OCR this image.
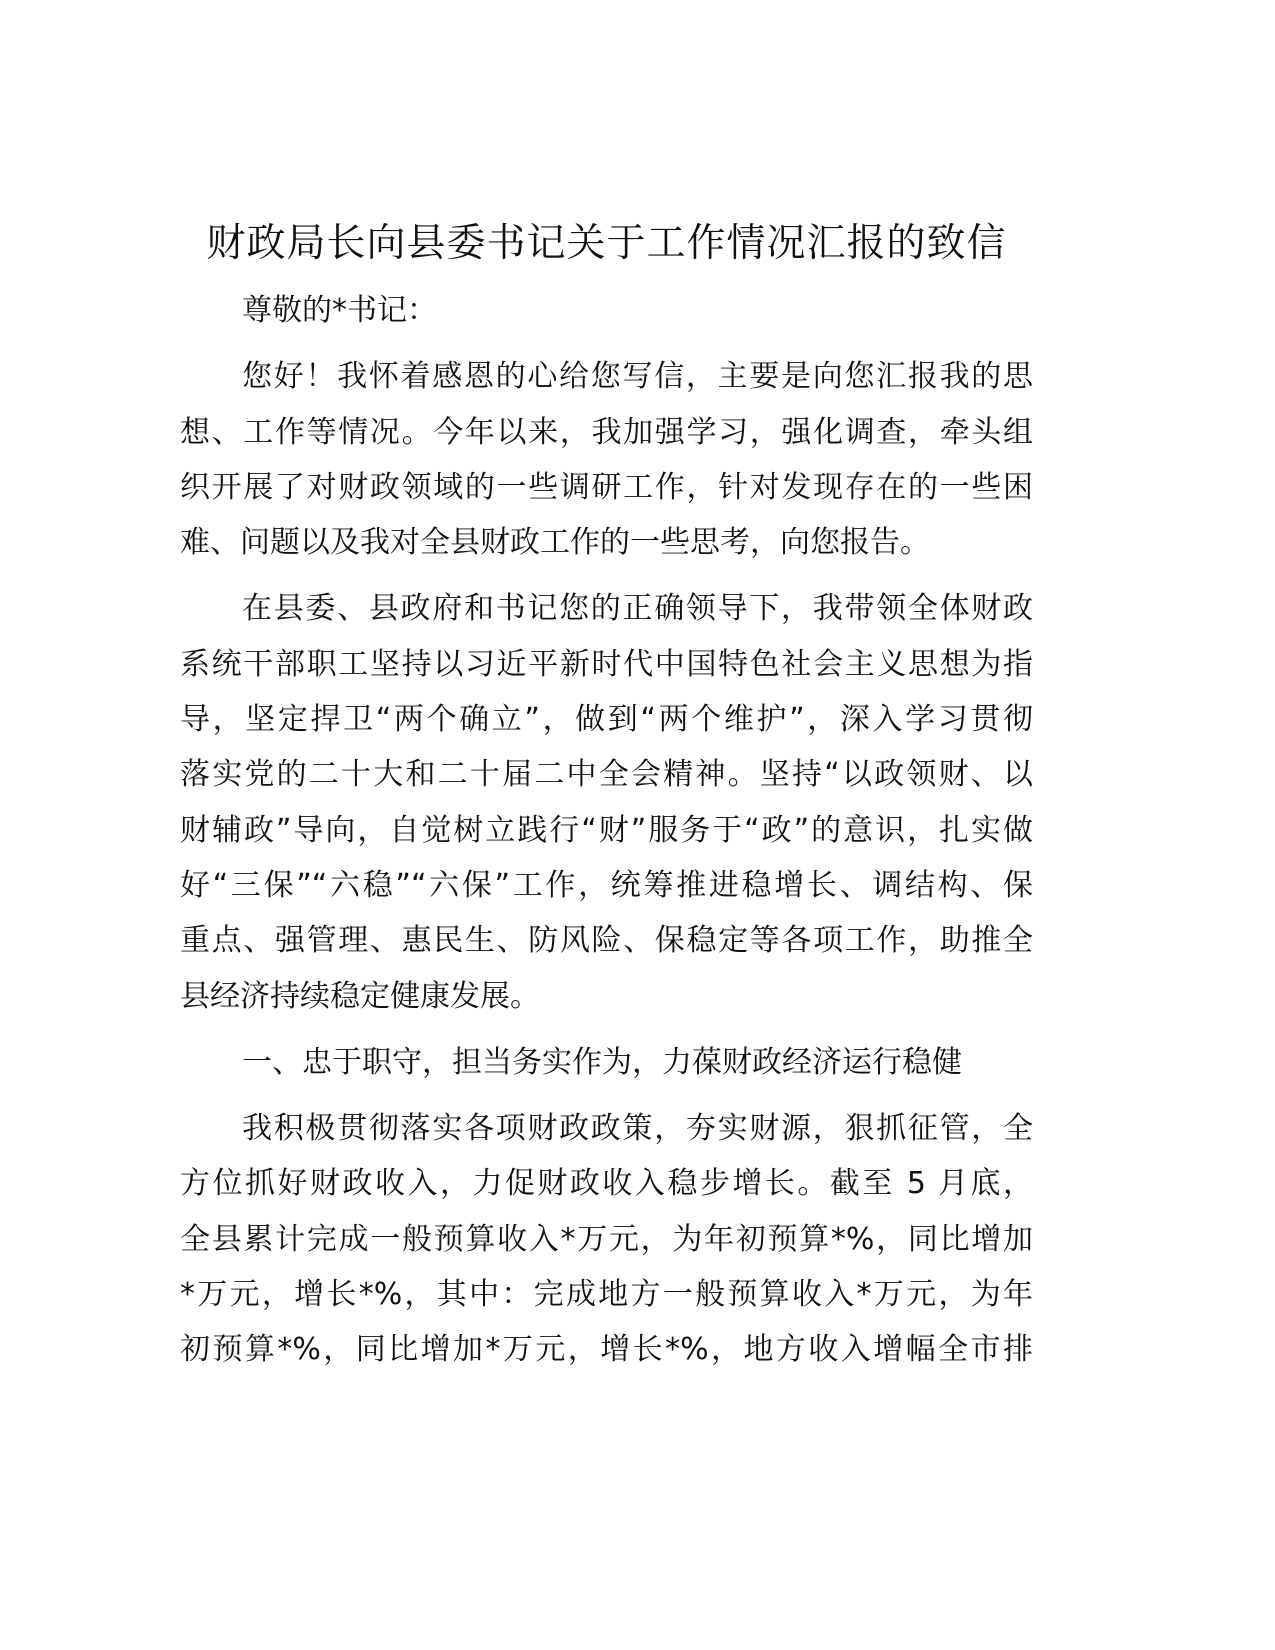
财政局长向县委书记关于工作情况汇报的致信
尊敬的*书记：
您好！我怀着感恩的心给您写信，主要是向您汇报我的思
想、工作等情况。今年以来，我加强学习，强化调查，牵头组
织开展了对财政领域的一些调研工作，针对发现存在的一些困
难、问题以及我对全县财政工作的一些思考，向您报告。
在县委、县政府和书记您的正确领导下，我带领全体财政
系统干部职工坚持以习近平新时代中国特色社会主义思想为指
导，坚定捍卫“两个确立”，做到“两个维护”，深入学习贯彻
落实党的二十大和二十届二中全会精神。坚持“以政领财、以
财辅政”导向，自觉树立践行“财”服务于“政”的意识，扎实做
好“三保”“六稳”“六保”工作，统筹推进稳增长、调结构、保
重点、强管理、惠民生、防风险、保稳定等各项工作，助推全
县经济持续稳定健康发展。
一、忠于职守，担当务实作为，力葆财政经济运行稳健
我积极贯彻落实各项财政政策，夯实财源，狠抓征管，全
方位抓好财政收入，力促财政收入稳步增长。截至 5 月底，
全县累计完成一般预算收入*万元，为年初预算*%，同比增加
*万元，增长*%，其中：完成地方一般预算收入*万元，为年
初预算*%，同比增加*万元，增长*%，地方收入增幅全市排
